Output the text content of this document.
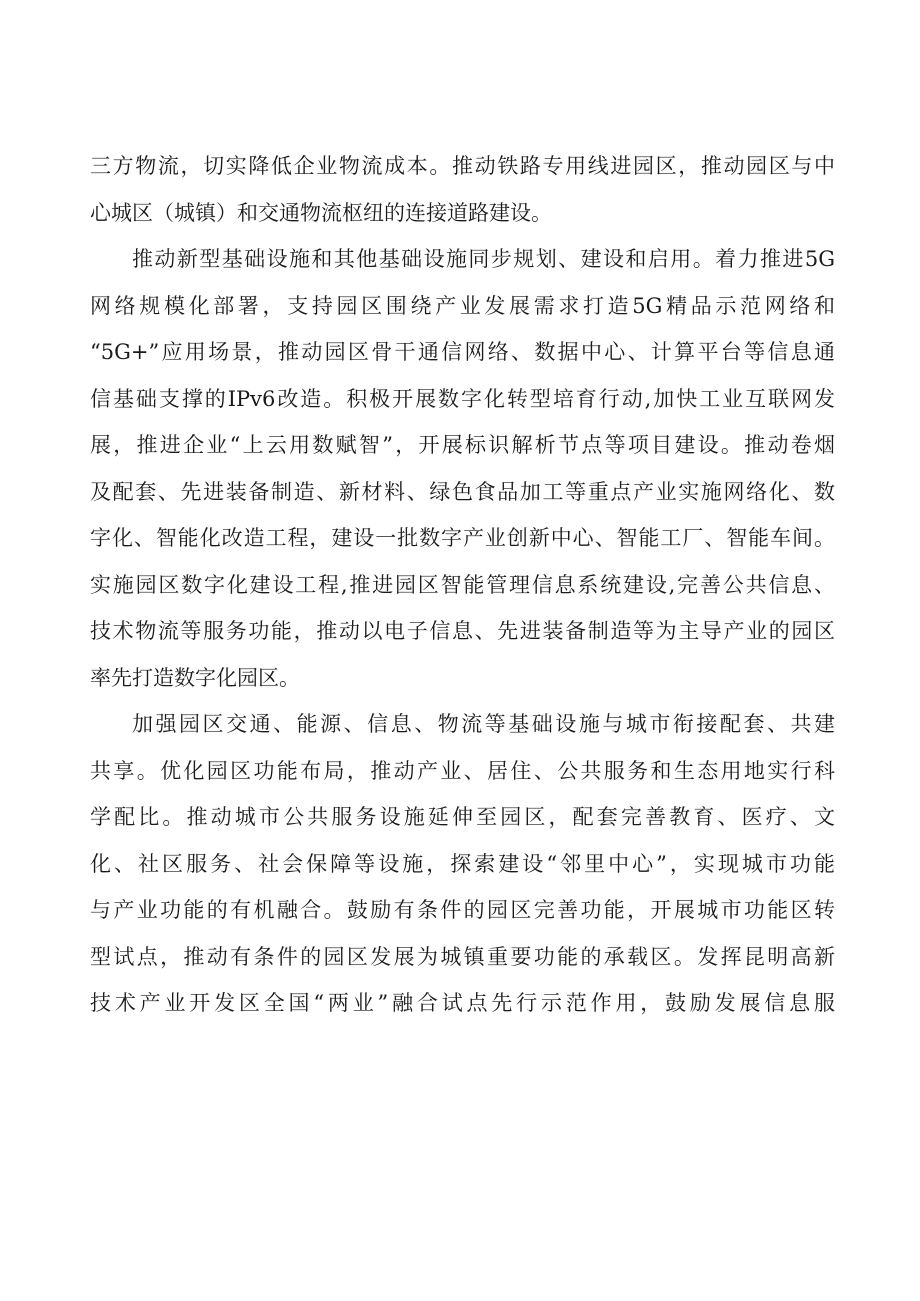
三方物流，切实降低企业物流成本。推动铁路专用线进园区，推动园区与中
心城区（城镇）和交通物流枢纽的连接道路建设。
推动新型基础设施和其他基础设施同步规划、建设和启用。着力推进5G
网络规模化部署，支持园区围绕产业发展需求打造5G精品示范网络和
“5G+”应用场景，推动园区骨干通信网络、数据中心、计算平台等信息通
信基础支撑的IPv6改造。积极开展数字化转型培育行动,加快工业互联网发
展，推进企业“上云用数赋智”，开展标识解析节点等项目建设。推动卷烟
及配套、先进装备制造、新材料、绿色食品加工等重点产业实施网络化、数
字化、智能化改造工程，建设一批数字产业创新中心、智能工厂、智能车间。
实施园区数字化建设工程,推进园区智能管理信息系统建设,完善公共信息、
技术物流等服务功能，推动以电子信息、先进装备制造等为主导产业的园区
率先打造数字化园区。
加强园区交通、能源、信息、物流等基础设施与城市衔接配套、共建
共享。优化园区功能布局，推动产业、居住、公共服务和生态用地实行科
学配比。推动城市公共服务设施延伸至园区，配套完善教育、医疗、文
化、社区服务、社会保障等设施，探索建设“邻里中心”，实现城市功能
与产业功能的有机融合。鼓励有条件的园区完善功能，开展城市功能区转
型试点，推动有条件的园区发展为城镇重要功能的承载区。发挥昆明高新
技术产业开发区全国“两业”融合试点先行示范作用，鼓励发展信息服
